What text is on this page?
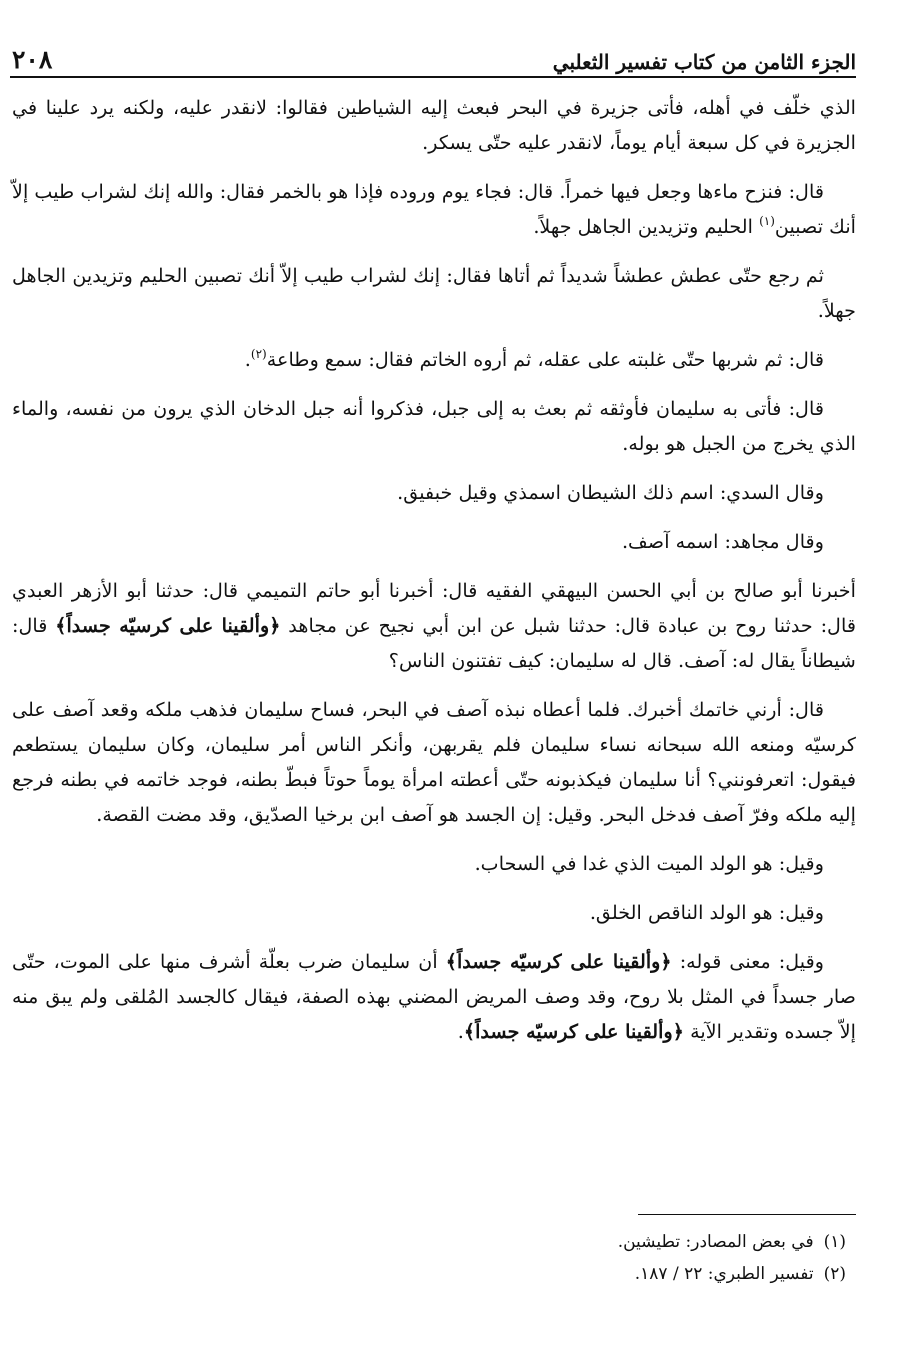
الجزء الثامن من كتاب تفسير الثعلبي
٢٠٨

الذي خلّف في أهله، فأتى جزيرة في البحر فبعث إليه الشياطين فقالوا: لانقدر عليه، ولكنه يرد علينا في الجزيرة في كل سبعة أيام يوماً، لانقدر عليه حتّى يسكر.

قال: فنزح ماءها وجعل فيها خمراً. قال: فجاء يوم وروده فإذا هو بالخمر فقال: والله إنك لشراب طيب إلاّ أنك تصبين$^{(١)}$ الحليم وتزيدين الجاهل جهلاً.

ثم رجع حتّى عطش عطشاً شديداً ثم أتاها فقال: إنك لشراب طيب إلاّ أنك تصبين الحليم وتزيدين الجاهل جهلاً.

قال: ثم شربها حتّى غلبته على عقله، ثم أروه الخاتم فقال: سمع وطاعة$^{(٢)}$.

قال: فأتى به سليمان فأوثقه ثم بعث به إلى جبل، فذكروا أنه جبل الدخان الذي يرون من نفسه، والماء الذي يخرج من الجبل هو بوله.

وقال السدي: اسم ذلك الشيطان اسمذي وقيل خبفيق.

وقال مجاهد: اسمه آصف.

أخبرنا أبو صالح بن أبي الحسن البيهقي الفقيه قال: أخبرنا أبو حاتم التميمي قال: حدثنا أبو الأزهر العبدي قال: حدثنا روح بن عبادة قال: حدثنا شبل عن ابن أبي نجيح عن مجاهد ﴿وألقينا على كرسيّه جسداً﴾ قال: شيطاناً يقال له: آصف. قال له سليمان: كيف تفتنون الناس؟

قال: أرني خاتمك أخبرك. فلما أعطاه نبذه آصف في البحر، فساح سليمان فذهب ملكه وقعد آصف على كرسيّه ومنعه الله سبحانه نساء سليمان فلم يقربهن، وأنكر الناس أمر سليمان، وكان سليمان يستطعم فيقول: اتعرفونني؟ أنا سليمان فيكذبونه حتّى أعطته امرأة يوماً حوتاً فبطّ بطنه، فوجد خاتمه في بطنه فرجع إليه ملكه وفرّ آصف فدخل البحر. وقيل: إن الجسد هو آصف ابن برخيا الصدّيق، وقد مضت القصة.

وقيل: هو الولد الميت الذي غدا في السحاب.

وقيل: هو الولد الناقص الخلق.

وقيل: معنى قوله: ﴿وألقينا على كرسيّه جسداً﴾ أن سليمان ضرب بعلّة أشرف منها على الموت، حتّى صار جسداً في المثل بلا روح، وقد وصف المريض المضني بهذه الصفة، فيقال كالجسد المُلقى ولم يبق منه إلاّ جسده وتقدير الآية ﴿وألقينا على كرسيّه جسداً﴾.

(١)
في بعض المصادر: تطيشين.
(٢)
تفسير الطبري: ٢٢ / ١٨٧.
